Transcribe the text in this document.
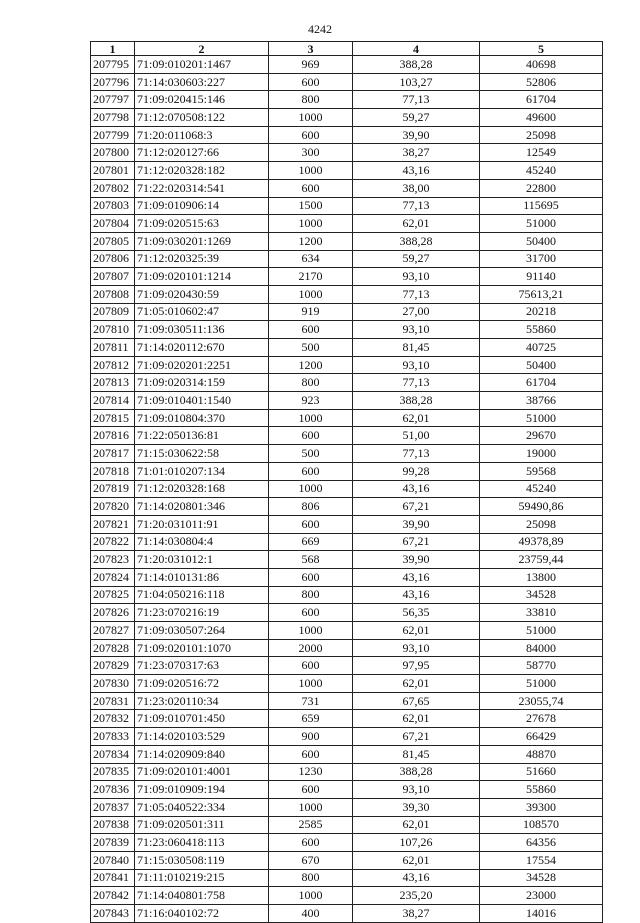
4242
1	2	3	4	5
207795	71:09:010201:1467	969	388,28	40698
207796	71:14:030603:227	600	103,27	52806
207797	71:09:020415:146	800	77,13	61704
207798	71:12:070508:122	1000	59,27	49600
207799	71:20:011068:3	600	39,90	25098
207800	71:12:020127:66	300	38,27	12549
207801	71:12:020328:182	1000	43,16	45240
207802	71:22:020314:541	600	38,00	22800
207803	71:09:010906:14	1500	77,13	115695
207804	71:09:020515:63	1000	62,01	51000
207805	71:09:030201:1269	1200	388,28	50400
207806	71:12:020325:39	634	59,27	31700
207807	71:09:020101:1214	2170	93,10	91140
207808	71:09:020430:59	1000	77,13	75613,21
207809	71:05:010602:47	919	27,00	20218
207810	71:09:030511:136	600	93,10	55860
207811	71:14:020112:670	500	81,45	40725
207812	71:09:020201:2251	1200	93,10	50400
207813	71:09:020314:159	800	77,13	61704
207814	71:09:010401:1540	923	388,28	38766
207815	71:09:010804:370	1000	62,01	51000
207816	71:22:050136:81	600	51,00	29670
207817	71:15:030622:58	500	77,13	19000
207818	71:01:010207:134	600	99,28	59568
207819	71:12:020328:168	1000	43,16	45240
207820	71:14:020801:346	806	67,21	59490,86
207821	71:20:031011:91	600	39,90	25098
207822	71:14:030804:4	669	67,21	49378,89
207823	71:20:031012:1	568	39,90	23759,44
207824	71:14:010131:86	600	43,16	13800
207825	71:04:050216:118	800	43,16	34528
207826	71:23:070216:19	600	56,35	33810
207827	71:09:030507:264	1000	62,01	51000
207828	71:09:020101:1070	2000	93,10	84000
207829	71:23:070317:63	600	97,95	58770
207830	71:09:020516:72	1000	62,01	51000
207831	71:23:020110:34	731	67,65	23055,74
207832	71:09:010701:450	659	62,01	27678
207833	71:14:020103:529	900	67,21	66429
207834	71:14:020909:840	600	81,45	48870
207835	71:09:020101:4001	1230	388,28	51660
207836	71:09:010909:194	600	93,10	55860
207837	71:05:040522:334	1000	39,30	39300
207838	71:09:020501:311	2585	62,01	108570
207839	71:23:060418:113	600	107,26	64356
207840	71:15:030508:119	670	62,01	17554
207841	71:11:010219:215	800	43,16	34528
207842	71:14:040801:758	1000	235,20	23000
207843	71:16:040102:72	400	38,27	14016
